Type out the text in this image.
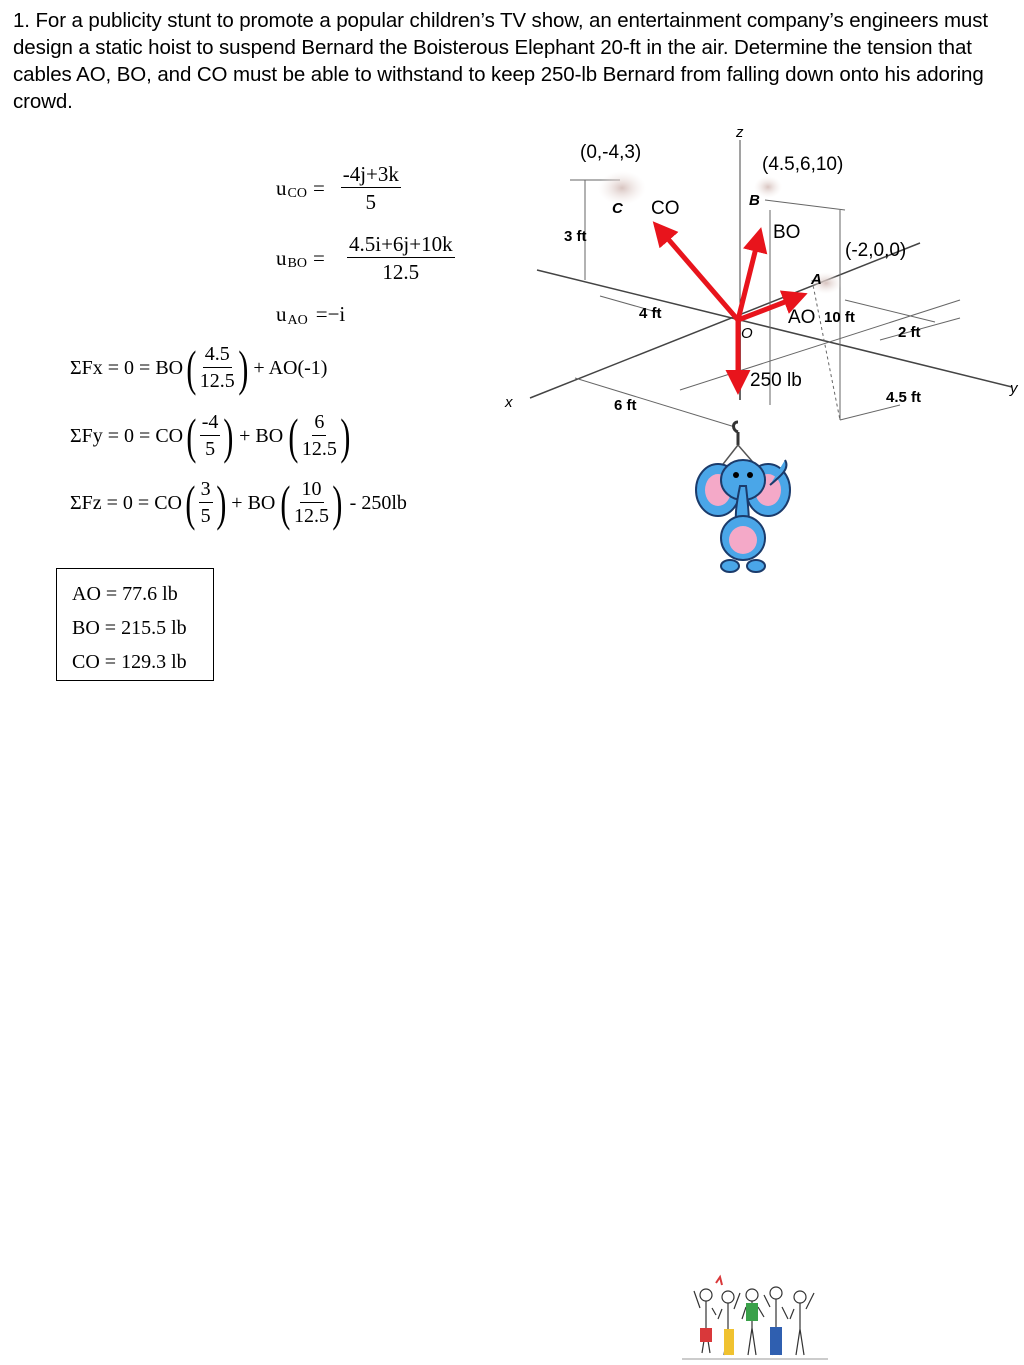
1. For a publicity stunt to promote a popular children’s TV show, an entertainment company’s engineers must design a static hoist to suspend Bernard the Boisterous Elephant 20-ft in the air. Determine the tension that cables AO, BO, and CO must be able to withstand to keep 250-lb Bernard from falling down onto his adoring crowd.
u CO = $\frac{-4j+3k}{5}$
u BO = $\frac{4.5i+6j+10k}{12.5}$
u AO =−i
ΣFx = 0 = BO ( $\frac{4.5}{12.5}$ ) + AO (-1)
ΣFy = 0 = CO ( $\frac{-4}{5}$ ) + BO ( $\frac{6}{12.5}$ )
ΣFz = 0 = CO ( $\frac{3}{5}$ ) + BO ( $\frac{10}{12.5}$ ) - 250lb
AO = 77.6 lb
BO = 215.5 lb
CO = 129.3 lb
(0,-4,3)
(4.5,6,10)
(-2,0,0)
CO
BO
AO
250 lb
C	B
A
O
x
y
z
3 ft
4 ft
6 ft
10 ft
2 ft
4.5 ft
